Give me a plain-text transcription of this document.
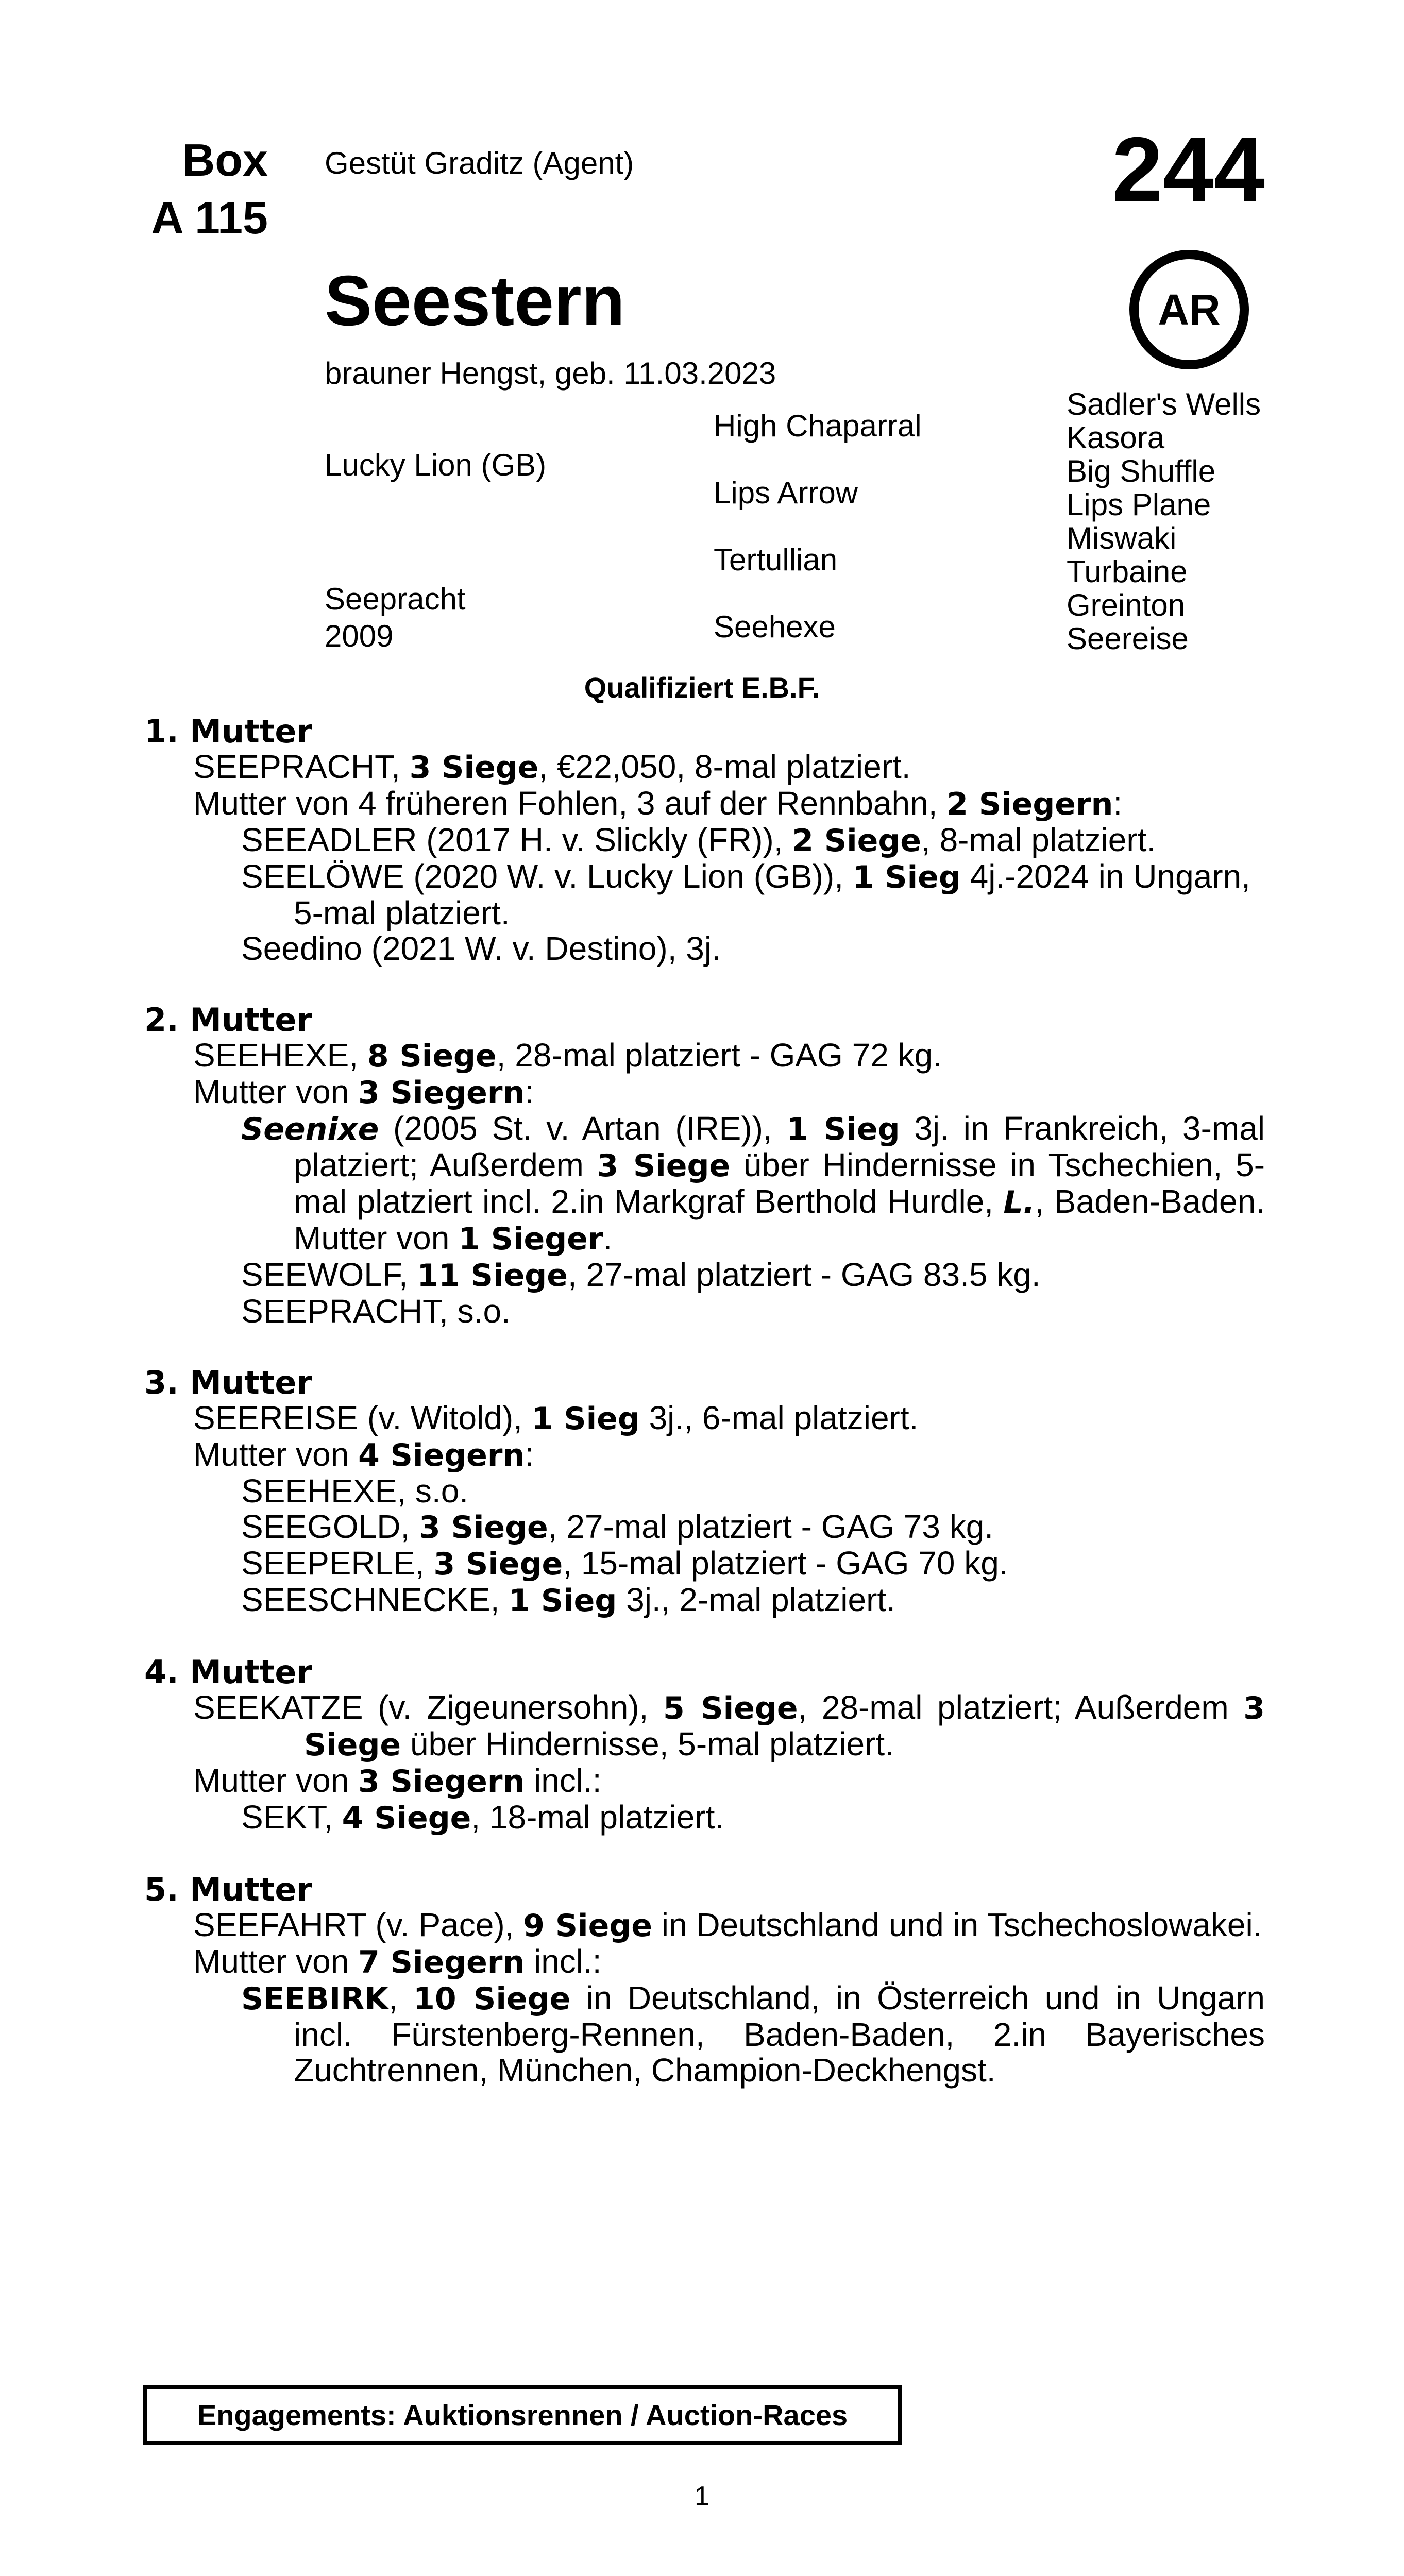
Box
A 115
Gestüt Graditz (Agent)	244
AR
Seestern
brauner Hengst, geb. 11.03.2023
Lucky Lion (GB)
Seepracht
2009
High Chaparral
Lips Arrow
Tertullian
Seehexe
Sadler's Wells
Kasora
Big Shuffle
Lips Plane
Miswaki
Turbaine
Greinton
Seereise
Qualifiziert E.B.F.
1. Mutter
SEEPRACHT, 3 Siege, €22,050, 8-mal platziert.
Mutter von 4 früheren Fohlen, 3 auf der Rennbahn, 2 Siegern:
SEEADLER (2017 H. v. Slickly (FR)), 2 Siege, 8-mal platziert.
SEELÖWE (2020 W. v. Lucky Lion (GB)), 1 Sieg 4j.-2024 in Ungarn, 5-mal platziert.
Seedino (2021 W. v. Destino), 3j.
2. Mutter
SEEHEXE, 8 Siege, 28-mal platziert - GAG 72 kg.
Mutter von 3 Siegern:
Seenixe (2005 St. v. Artan (IRE)), 1 Sieg 3j. in Frankreich, 3-mal platziert; Außerdem 3 Siege über Hindernisse in Tschechien, 5-mal platziert incl. 2.in Markgraf Berthold Hurdle, L., Baden-Baden. Mutter von 1 Sieger.
SEEWOLF, 11 Siege, 27-mal platziert - GAG 83.5 kg.
SEEPRACHT, s.o.
3. Mutter
SEEREISE (v. Witold), 1 Sieg 3j., 6-mal platziert.
Mutter von 4 Siegern:
SEEHEXE, s.o.
SEEGOLD, 3 Siege, 27-mal platziert - GAG 73 kg.
SEEPERLE, 3 Siege, 15-mal platziert - GAG 70 kg.
SEESCHNECKE, 1 Sieg 3j., 2-mal platziert.
4. Mutter
SEEKATZE (v. Zigeunersohn), 5 Siege, 28-mal platziert; Außerdem 3 Siege über Hindernisse, 5-mal platziert.
Mutter von 3 Siegern incl.:
SEKT, 4 Siege, 18-mal platziert.
5. Mutter
SEEFAHRT (v. Pace), 9 Siege in Deutschland und in Tschechoslowakei.
Mutter von 7 Siegern incl.:
SEEBIRK, 10 Siege in Deutschland, in Österreich und in Ungarn incl. Fürstenberg-Rennen, Baden-Baden, 2.in Bayerisches Zuchtrennen, München, Champion-Deckhengst.
Engagements: Auktionsrennen / Auction-Races
1
